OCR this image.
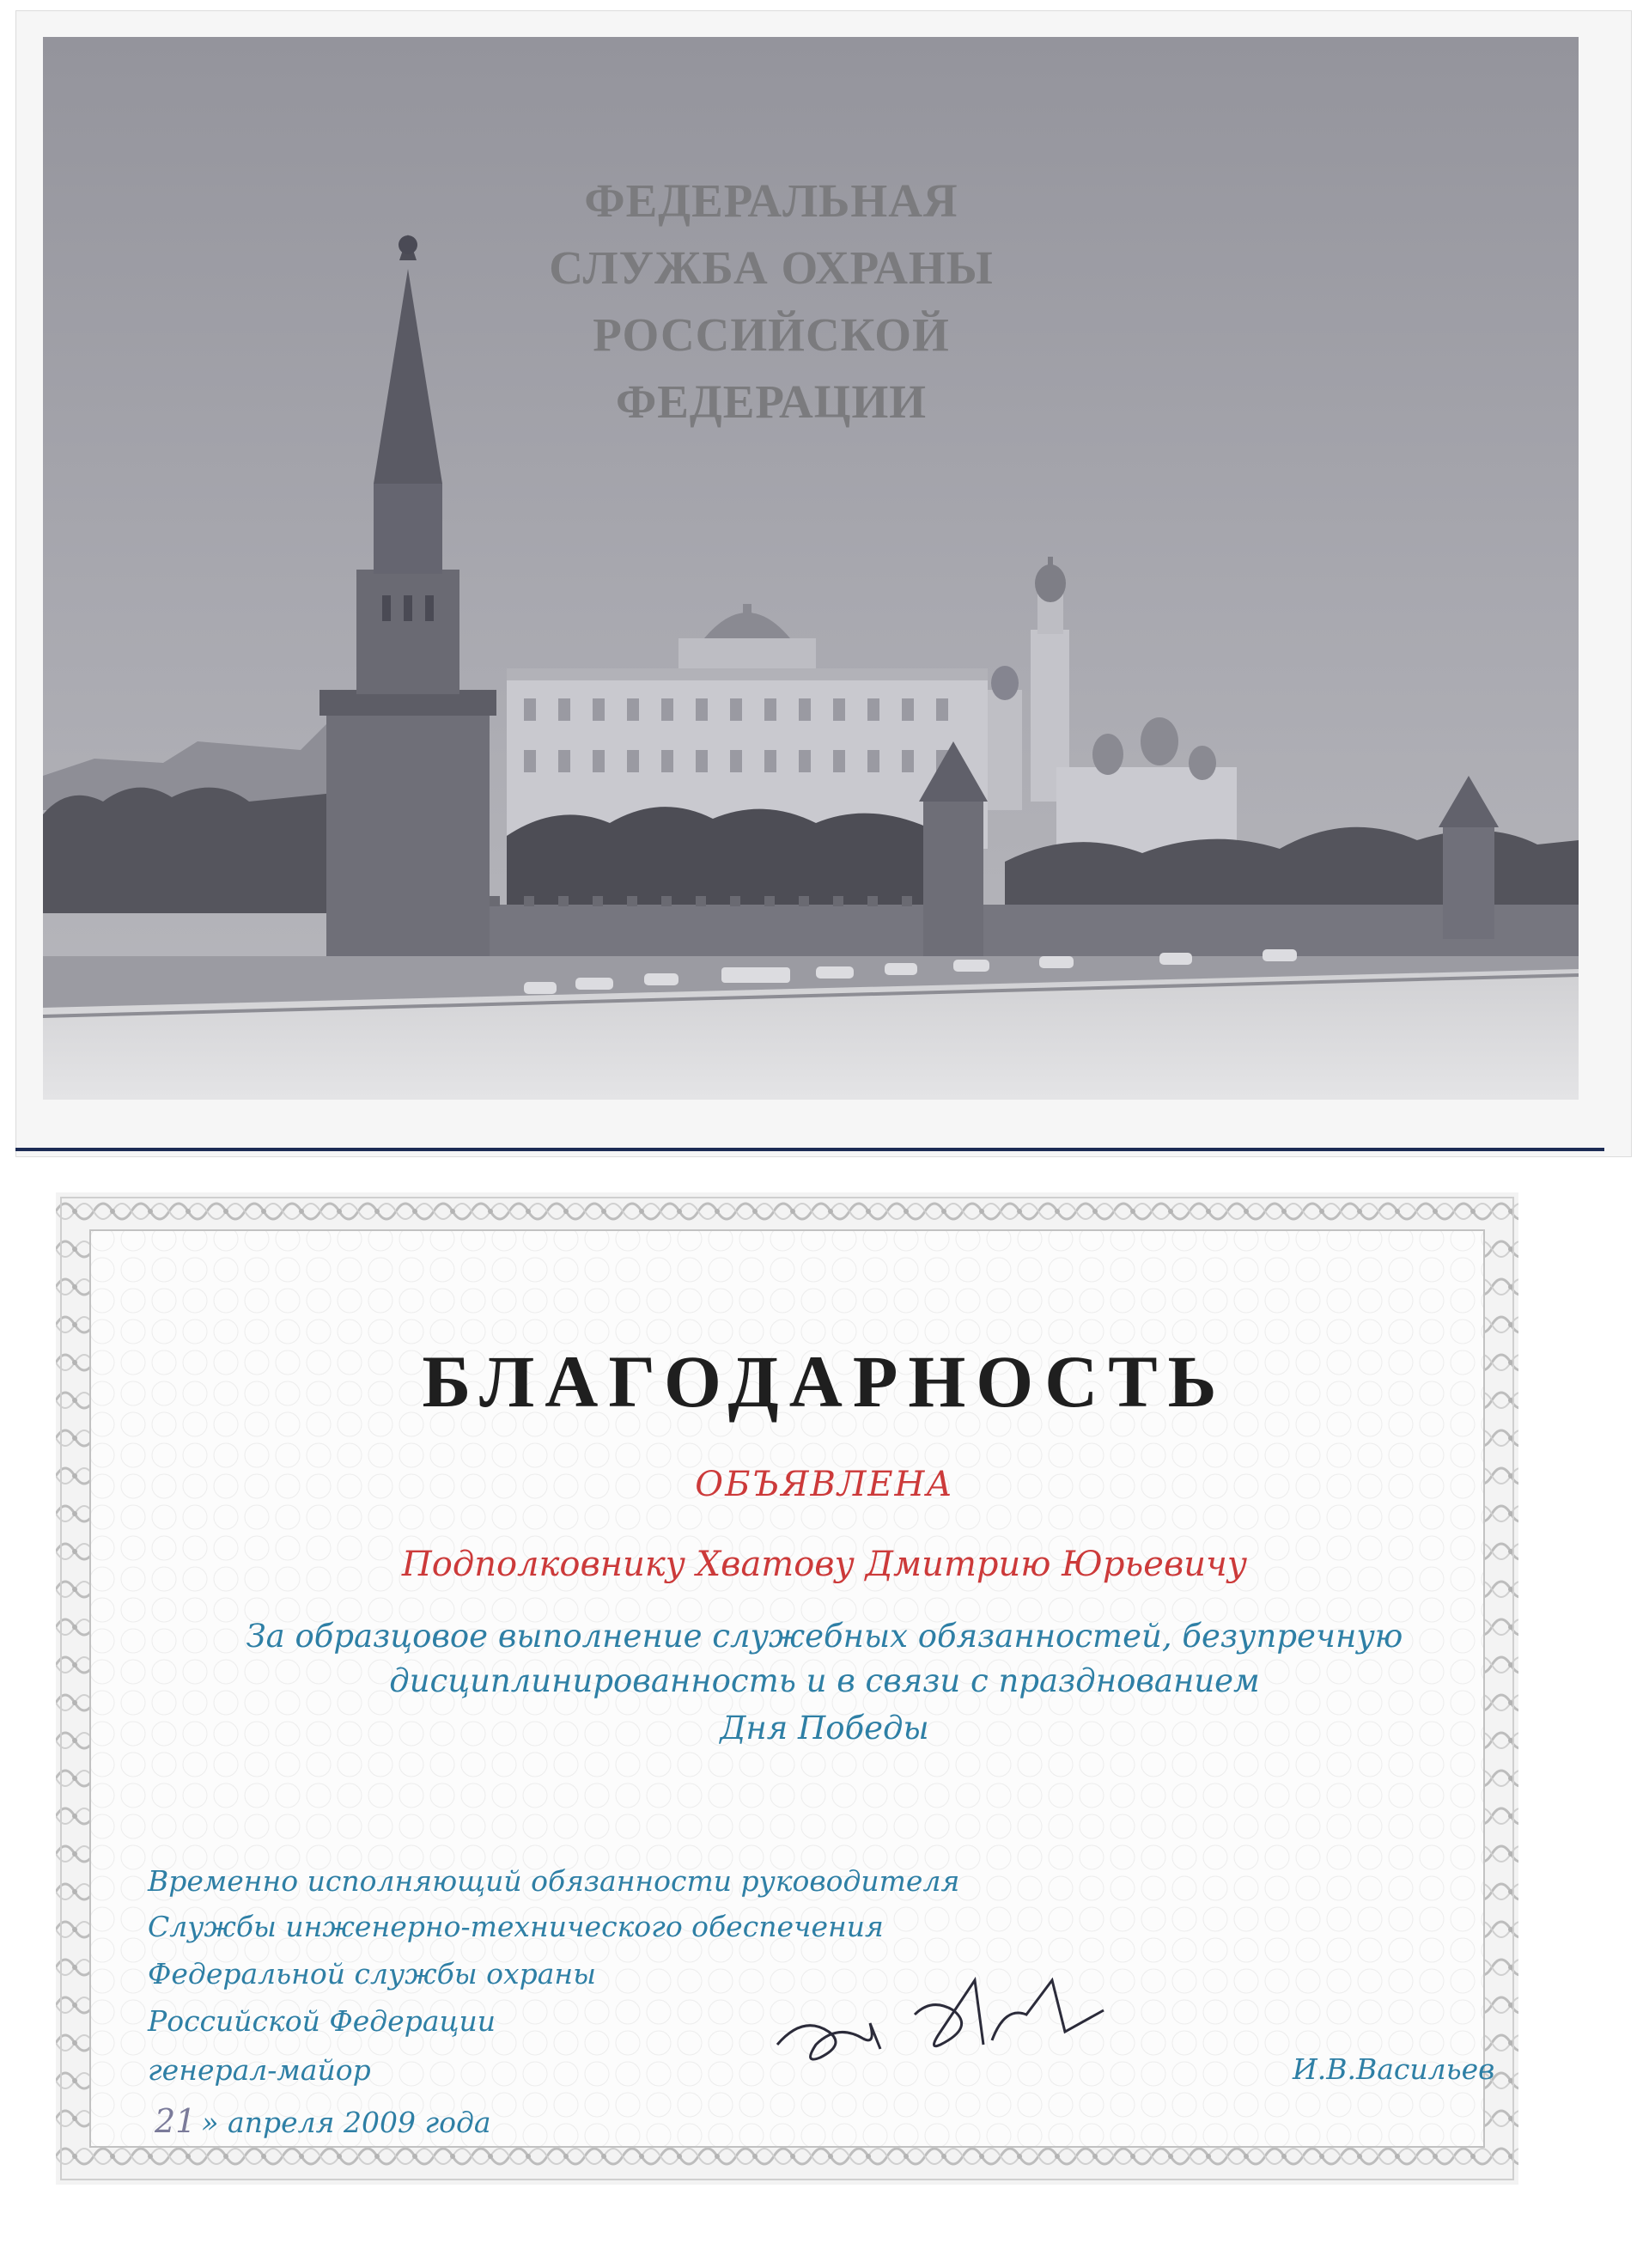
ФЕДЕРАЛЬНАЯ
СЛУЖБА ОХРАНЫ
РОССИЙСКОЙ
ФЕДЕРАЦИИ
БЛАГОДАРНОСТЬ
ОБЪЯВЛЕНА
Подполковнику Хватову Дмитрию Юрьевичу
За образцовое выполнение служебных обязанностей, безупречную
дисциплинированность и в связи с празднованием
Дня Победы
Временно исполняющий обязанности руководителя
Службы инженерно-технического обеспечения
Федеральной службы охраны
Российской Федерации
генерал-майор	И.В.Васильев
21 » апреля 2009 года
